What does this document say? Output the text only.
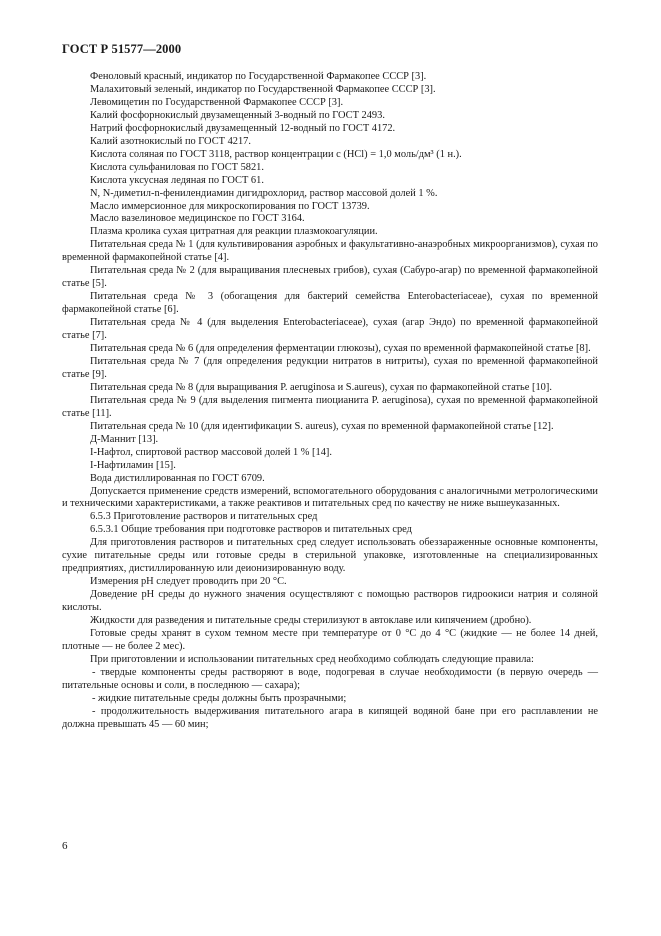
ГОСТ Р 51577—2000

Феноловый красный, индикатор по Государственной Фармакопее СССР [3].

Малахитовый зеленый, индикатор по Государственной Фармакопее СССР [3].

Левомицетин по Государственной Фармакопее СССР [3].

Калий фосфорнокислый двузамещенный 3-водный по ГОСТ 2493.

Натрий фосфорнокислый двузамещенный 12-водный по ГОСТ 4172.

Калий азотнокислый по ГОСТ 4217.

Кислота соляная по ГОСТ 3118, раствор концентрации c (HCl) = 1,0 моль/дм³ (1 н.).

Кислота сульфаниловая по ГОСТ 5821.

Кислота уксусная ледяная по ГОСТ 61.

N, N-диметил-n-фенилендиамин дигидрохлорид, раствор массовой долей 1 %.

Масло иммерсионное для микроскопирования по ГОСТ 13739.

Масло вазелиновое медицинское по ГОСТ 3164.

Плазма кролика сухая цитратная для реакции плазмокоагуляции.

Питательная среда № 1 (для культивирования аэробных и факультативно-анаэробных микроорганизмов), сухая по временной фармакопейной статье [4].

Питательная среда № 2 (для выращивания плесневых грибов), сухая (Сабуро-агар) по временной фармакопейной статье [5].

Питательная среда № 3 (обогащения для бактерий семейства Enterobacteriaceae), сухая по временной фармакопейной статье [6].

Питательная среда № 4 (для выделения Enterobacteriaceae), сухая (агар Эндо) по временной фармакопейной статье [7].

Питательная среда № 6 (для определения ферментации глюкозы), сухая по временной фармакопейной статье [8].

Питательная среда № 7 (для определения редукции нитратов в нитриты), сухая по временной фармакопейной статье [9].

Питательная среда № 8 (для выращивания P. aeruginosa и S.aureus), сухая по фармакопейной статье [10].

Питательная среда № 9 (для выделения пигмента пиоцианита P. aeruginosa), сухая по временной фармакопейной статье [11].

Питательная среда № 10 (для идентификации S. aureus), сухая по временной фармакопейной статье [12].

Д-Маннит [13].

I-Нафтол, спиртовой раствор массовой долей 1 % [14].

I-Нафтиламин [15].

Вода дистиллированная по ГОСТ 6709.

Допускается применение средств измерений, вспомогательного оборудования с аналогичными метрологическими и техническими характеристиками, а также реактивов и питательных сред по качеству не ниже вышеуказанных.

6.5.3 Приготовление растворов и питательных сред

6.5.3.1 Общие требования при подготовке растворов и питательных сред

Для приготовления растворов и питательных сред следует использовать обеззараженные основные компоненты, сухие питательные среды или готовые среды в стерильной упаковке, изготовленные на специализированных предприятиях, дистиллированную или деионизированную воду.

Измерения pH следует проводить при 20 °С.

Доведение pH среды до нужного значения осуществляют с помощью растворов гидроокиси натрия и соляной кислоты.

Жидкости для разведения и питательные среды стерилизуют в автоклаве или кипячением (дробно).

Готовые среды хранят в сухом темном месте при температуре от 0 °С до 4 °С (жидкие — не более 14 дней, плотные — не более 2 мес).

При приготовлении и использовании питательных сред необходимо соблюдать следующие правила:

- твердые компоненты среды растворяют в воде, подогревая в случае необходимости (в первую очередь — питательные основы и соли, в последнюю — сахара);

- жидкие питательные среды должны быть прозрачными;

- продолжительность выдерживания питательного агара в кипящей водяной бане при его расплавлении не должна превышать 45 — 60 мин;

6
